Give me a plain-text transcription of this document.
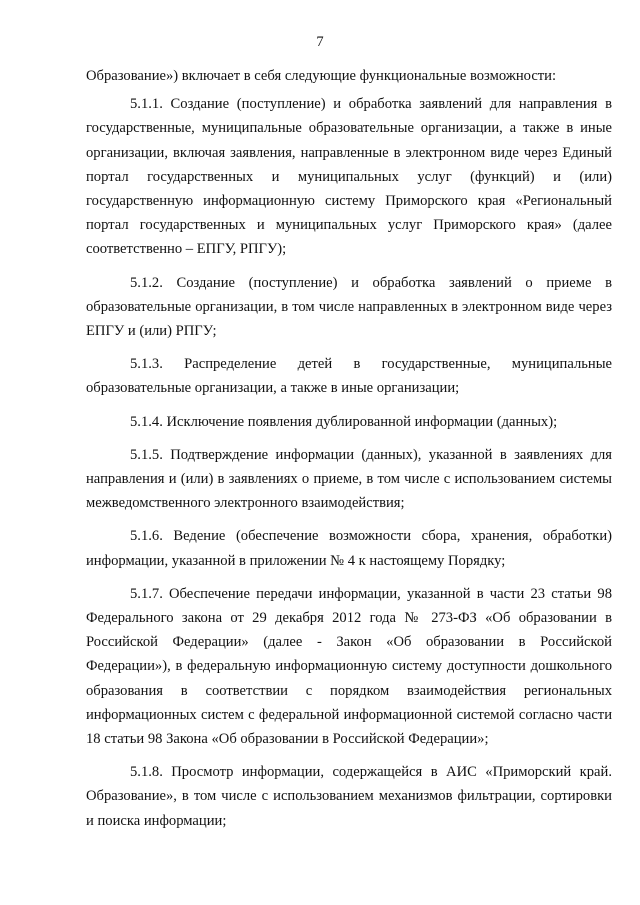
7

Образование») включает в себя следующие функциональные возможности:

5.1.1. Создание (поступление) и обработка заявлений для направления в государственные, муниципальные образовательные организации, а также в иные организации, включая заявления, направленные в электронном виде через Единый портал государственных и муниципальных услуг (функций) и (или) государственную информационную систему Приморского края «Региональный портал государственных и муниципальных услуг Приморского края» (далее соответственно – ЕПГУ, РПГУ);

5.1.2. Создание (поступление) и обработка заявлений о приеме в образовательные организации, в том числе направленных в электронном виде через ЕПГУ и (или) РПГУ;

5.1.3. Распределение детей в государственные, муниципальные образовательные организации, а также в иные организации;

5.1.4. Исключение появления дублированной информации (данных);

5.1.5. Подтверждение информации (данных), указанной в заявлениях для направления и (или) в заявлениях о приеме, в том числе с использованием системы межведомственного электронного взаимодействия;

5.1.6. Ведение (обеспечение возможности сбора, хранения, обработки) информации, указанной в приложении № 4 к настоящему Порядку;

5.1.7. Обеспечение передачи информации, указанной в части 23 статьи 98 Федерального закона от 29 декабря 2012 года № 273-ФЗ «Об образовании в Российской Федерации» (далее - Закон «Об образовании в Российской Федерации»), в федеральную информационную систему доступности дошкольного образования в соответствии с порядком взаимодействия региональных информационных систем с федеральной информационной системой согласно части 18 статьи 98 Закона «Об образовании в Российской Федерации»;

5.1.8. Просмотр информации, содержащейся в АИС «Приморский край. Образование», в том числе с использованием механизмов фильтрации, сортировки и поиска информации;
